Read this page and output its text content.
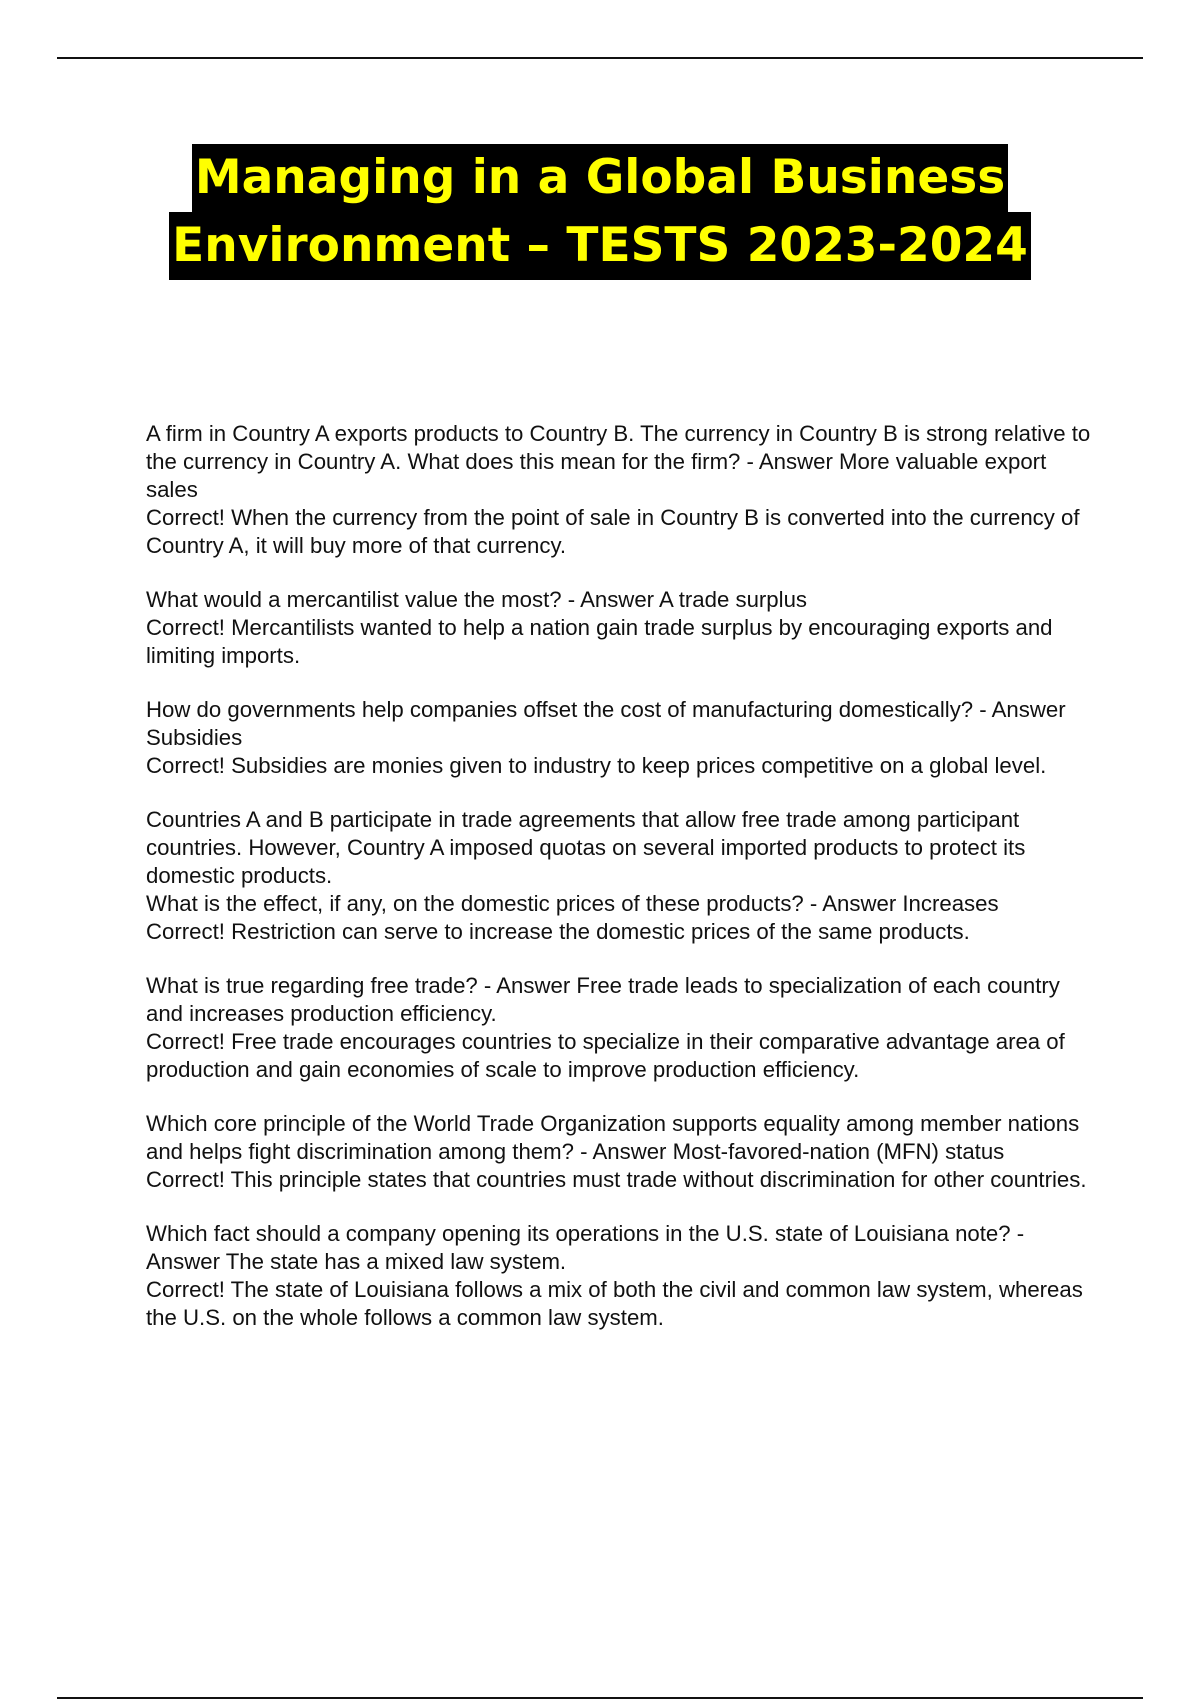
Managing in a Global Business
Environment – TESTS 2023-2024

A firm in Country A exports products to Country B. The currency in Country B is strong relative to the currency in Country A. What does this mean for the firm? - Answer More valuable export sales

Correct! When the currency from the point of sale in Country B is converted into the currency of Country A, it will buy more of that currency.

What would a mercantilist value the most? - Answer A trade surplus

Correct! Mercantilists wanted to help a nation gain trade surplus by encouraging exports and limiting imports.

How do governments help companies offset the cost of manufacturing domestically? - Answer Subsidies

Correct! Subsidies are monies given to industry to keep prices competitive on a global level.

Countries A and B participate in trade agreements that allow free trade among participant countries. However, Country A imposed quotas on several imported products to protect its domestic products.

What is the effect, if any, on the domestic prices of these products? - Answer Increases

Correct! Restriction can serve to increase the domestic prices of the same products.

What is true regarding free trade? - Answer Free trade leads to specialization of each country and increases production efficiency.

Correct! Free trade encourages countries to specialize in their comparative advantage area of production and gain economies of scale to improve production efficiency.

Which core principle of the World Trade Organization supports equality among member nations and helps fight discrimination among them? - Answer Most-favored-nation (MFN) status

Correct! This principle states that countries must trade without discrimination for other countries.

Which fact should a company opening its operations in the U.S. state of Louisiana note? - Answer The state has a mixed law system.

Correct! The state of Louisiana follows a mix of both the civil and common law system, whereas the U.S. on the whole follows a common law system.
